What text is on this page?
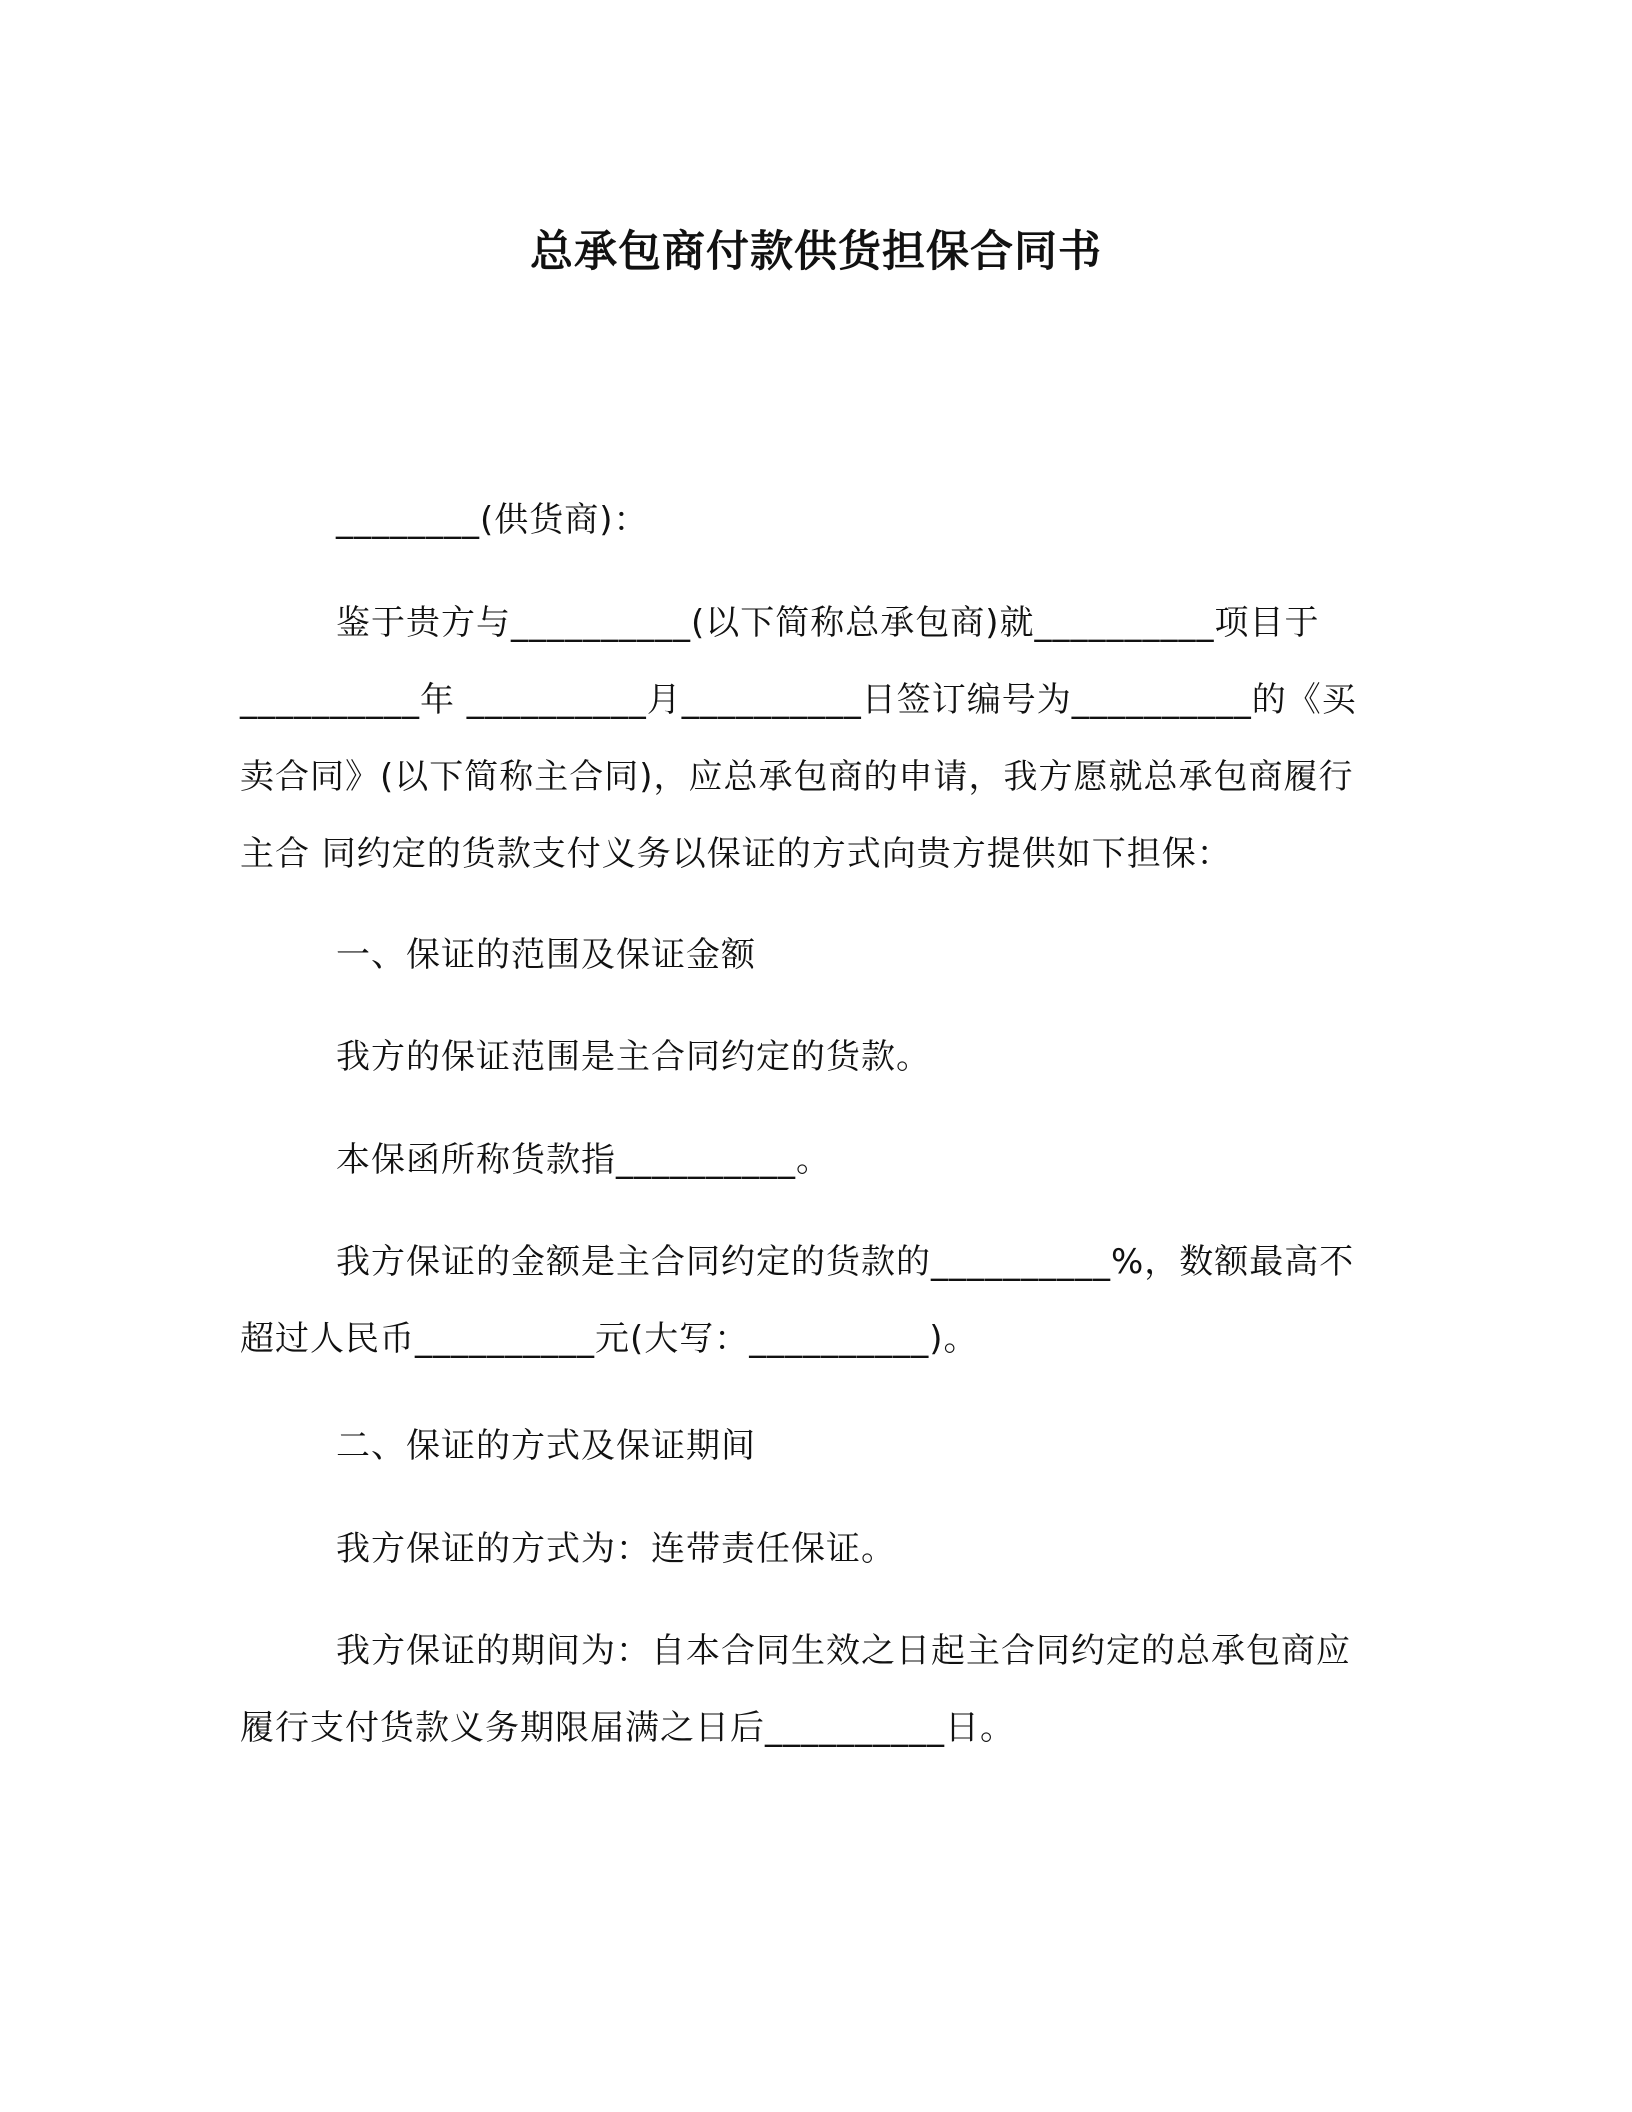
总承包商付款供货担保合同书

________(供货商)：

鉴于贵方与__________(以下简称总承包商)就__________项目于__________年 __________月__________日签订编号为__________的《买卖合同》(以下简称主合同)，应总承包商的申请，我方愿就总承包商履行主合 同约定的货款支付义务以保证的方式向贵方提供如下担保：

一、保证的范围及保证金额

我方的保证范围是主合同约定的货款。

本保函所称货款指__________。

我方保证的金额是主合同约定的货款的__________%，数额最高不超过人民币__________元(大写：__________)。

二、保证的方式及保证期间

我方保证的方式为：连带责任保证。

我方保证的期间为：自本合同生效之日起主合同约定的总承包商应履行支付货款义务期限届满之日后__________日。
